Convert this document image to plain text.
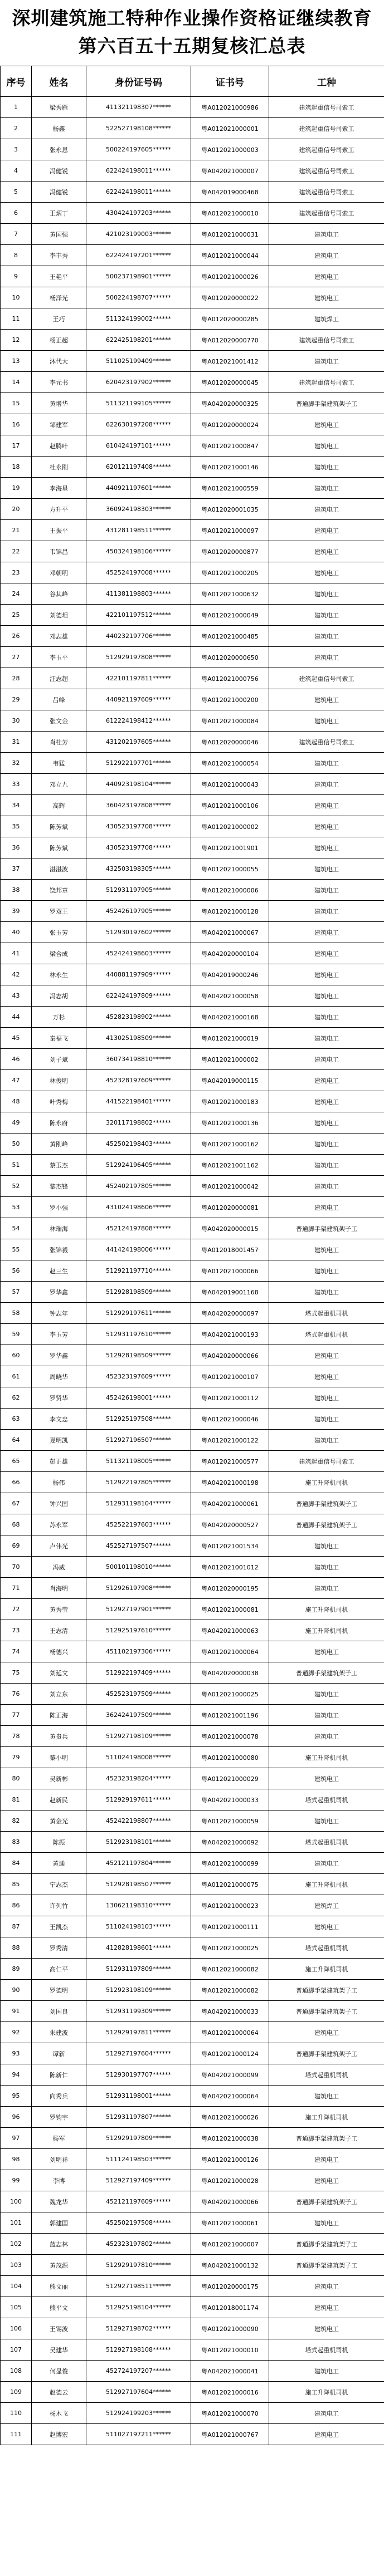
深圳建筑施工特种作业操作资格证继续教育
第六百五十五期复核汇总表
序号	姓名	身份证号码	证书号	工种
1	梁秀雁	411321198307******	粤A012021000986	建筑起重信号司索工
2	杨鑫	522527198108******	粤A012021000001	建筑起重信号司索工
3	张永恩	500224197605******	粤A012021000003	建筑起重信号司索工
4	冯健锐	622424198011******	粤A042021000007	建筑起重信号司索工
5	冯健锐	622424198011******	粤A042019000468	建筑起重信号司索工
6	王炳丁	430424197203******	粤A012021000010	建筑起重信号司索工
7	黄国强	421023199003******	粤A012021000031	建筑电工
8	李丰秀	622424197201******	粤A012021000044	建筑电工
9	王艳平	500237198901******	粤A012021000026	建筑电工
10	杨泽光	500224198707******	粤A012020000022	建筑电工
11	王巧	511324199002******	粤A012020000285	建筑焊工
12	杨正超	622425198201******	粤A012020000770	建筑起重信号司索工
13	沐代大	511025199409******	粤A012021001412	建筑电工
14	李元书	620423197902******	粤A012020000045	建筑起重信号司索工
15	黄增华	511321199105******	粤A042020000325	普通脚手架建筑架子工
16	邹建军	622630197208******	粤A012020000024	建筑电工
17	赵腾叶	610424197101******	粤A012021000847	建筑电工
18	杜永刚	620121197408******	粤A012021000146	建筑电工
19	李海星	440921197601******	粤A012021000559	建筑电工
20	方升平	360924198303******	粤A012020001035	建筑电工
21	王振平	431281198511******	粤A012021000097	建筑电工
22	韦锦昌	450324198106******	粤A012020000877	建筑电工
23	邓朝明	452524197008******	粤A012021000205	建筑电工
24	谷其峰	411381198803******	粤A012021000632	建筑电工
25	刘德坦	422101197512******	粤A012021000049	建筑电工
26	邓志雄	440232197706******	粤A012021000485	建筑电工
27	李玉平	512929197808******	粤A012020000650	建筑电工
28	汪志超	422101197811******	粤A012021000756	建筑起重信号司索工
29	吕峰	440921197609******	粤A012021000200	建筑电工
30	张文金	612224198412******	粤A012021000084	建筑电工
31	肖桂芳	431202197605******	粤A012020000046	建筑起重信号司索工
32	韦猛	512922197701******	粤A012021000054	建筑电工
33	邓立九	440923198104******	粤A012021000043	建筑电工
34	高辉	360423197808******	粤A012021000106	建筑电工
35	陈芳斌	430523197708******	粤A012021000002	建筑电工
36	陈芳斌	430523197708******	粤A012021001901	建筑电工
37	湛湛波	432503198305******	粤A012021000055	建筑电工
38	饶邦章	512931197905******	粤A012021000006	建筑电工
39	罗双王	452426197905******	粤A012021000128	建筑电工
40	张玉芳	512930197602******	粤A042021000067	建筑电工
41	梁合成	452424198603******	粤A042020000104	建筑电工
42	林永生	440881197909******	粤A042019000246	建筑电工
43	冯志胡	622424197809******	粤A042021000058	建筑电工
44	万杉	452823198902******	粤A042021000168	建筑电工
45	秦福飞	413025198509******	粤A012021000019	建筑电工
46	刘子斌	360734198810******	粤A012021000002	建筑电工
47	林俊明	452328197609******	粤A042019000115	建筑电工
48	叶秀梅	441522198401******	粤A012021000183	建筑电工
49	陈永府	320117198802******	粤A012021000136	建筑电工
50	黄刚峰	452502198403******	粤A012021000162	建筑电工
51	蔡玉杰	512924196405******	粤A012021001162	建筑电工
52	黎杰锋	452402197805******	粤A012021000042	建筑电工
53	罗小强	431024198606******	粤A012020000081	建筑电工
54	林瑞海	452124197808******	粤A042020000015	普通脚手架建筑架子工
55	张锦毅	441424198006******	粤A012018001457	建筑电工
56	赵三生	512921197710******	粤A012021000066	建筑电工
57	罗华鑫	512928198509******	粤A042019001168	建筑电工
58	钟志年	512929197611******	粤A042020000097	塔式起重机司机
59	李玉芳	512931197610******	粤A042021000193	塔式起重机司机
60	罗华鑫	512928198509******	粤A042020000066	建筑电工
61	周晓华	452323197609******	粤A012021000107	建筑电工
62	罗贤华	452426198001******	粤A012021000112	建筑电工
63	李文忠	512925197508******	粤A012021000046	建筑电工
64	夏明凯	512927196507******	粤A012021000122	建筑电工
65	彭正雄	511321198005******	粤A012021000577	建筑起重信号司索工
66	杨伟	512922197805******	粤A042021000198	施工升降机司机
67	钟兴国	512931198104******	粤A042021000061	普通脚手架建筑架子工
68	苏永军	452522197603******	粤A042020000527	普通脚手架建筑架子工
69	卢伟光	452527197507******	粤A012021001534	建筑电工
70	冯威	500101198010******	粤A012021001012	建筑电工
71	肖海明	512926197908******	粤A012020000195	建筑电工
72	黄秀莹	512927197901******	粤A012021000081	施工升降机司机
73	王志清	512925197610******	粤A042021000063	施工升降机司机
74	杨德兴	451102197306******	粤A012021000064	建筑电工
75	刘延文	512922197409******	粤A042020000038	普通脚手架建筑架子工
76	刘立东	452523197509******	粤A012021000025	建筑电工
77	陈正海	362424197509******	粤A012021001196	建筑电工
78	黄贵兵	512927198109******	粤A012021000078	建筑电工
79	黎小明	511024198008******	粤A012021000080	施工升降机司机
80	吴新彬	452323198204******	粤A012021000029	建筑电工
81	赵新民	512929197611******	粤A042021000033	塔式起重机司机
82	黄金光	452422198807******	粤A012021000059	建筑电工
83	陈振	512923198101******	粤A042021000092	塔式起重机司机
84	黄通	452121197804******	粤A012021000099	建筑电工
85	宁志杰	512928198507******	粤A012021000075	施工升降机司机
86	许列竹	130621198310******	粤A012021000023	建筑焊工
87	王凯杰	511024198103******	粤A012021000111	建筑电工
88	罗秀清	412828198601******	粤A012021000025	塔式起重机司机
89	高仁平	512931197809******	粤A012021000082	施工升降机司机
90	罗德明	512923198109******	粤A012021000082	普通脚手架建筑架子工
91	刘国良	512931199309******	粤A042021000033	普通脚手架建筑架子工
92	朱建波	512929197811******	粤A012021000064	建筑电工
93	谭新	512927197604******	粤A012021000124	普通脚手架建筑架子工
94	陈新仁	512930197707******	粤A042021000099	塔式起重机司机
95	向秀兵	512931198001******	粤A042021000064	建筑电工
96	罗钧宇	512931197807******	粤A012021000026	施工升降机司机
97	杨军	512929197809******	粤A012021000038	普通脚手架建筑架子工
98	刘明祥	511124198503******	粤A012021000126	建筑电工
99	李博	512927197409******	粤A012021000028	建筑电工
100	魏龙华	452121197609******	粤A042021000066	普通脚手架建筑架子工
101	郭建国	452502197508******	粤A012021000061	建筑电工
102	蓝志林	452323197802******	粤A012021000007	普通脚手架建筑架子工
103	黄茂源	512929197810******	粤A042021000132	普通脚手架建筑架子工
104	熊文丽	512927198511******	粤A012020000175	建筑电工
105	熊平文	512925198104******	粤A012018001174	建筑电工
106	王锡波	512927198702******	粤A012021000090	建筑电工
107	吴建华	512927198108******	粤A012021000010	塔式起重机司机
108	何显俊	452724197207******	粤A042021000041	建筑电工
109	赵德云	512927197604******	粤A012021000016	施工升降机司机
110	杨木飞	512924199203******	粤A012021000070	建筑电工
111	赵博宏	511027197211******	粤A012021000767	建筑电工
